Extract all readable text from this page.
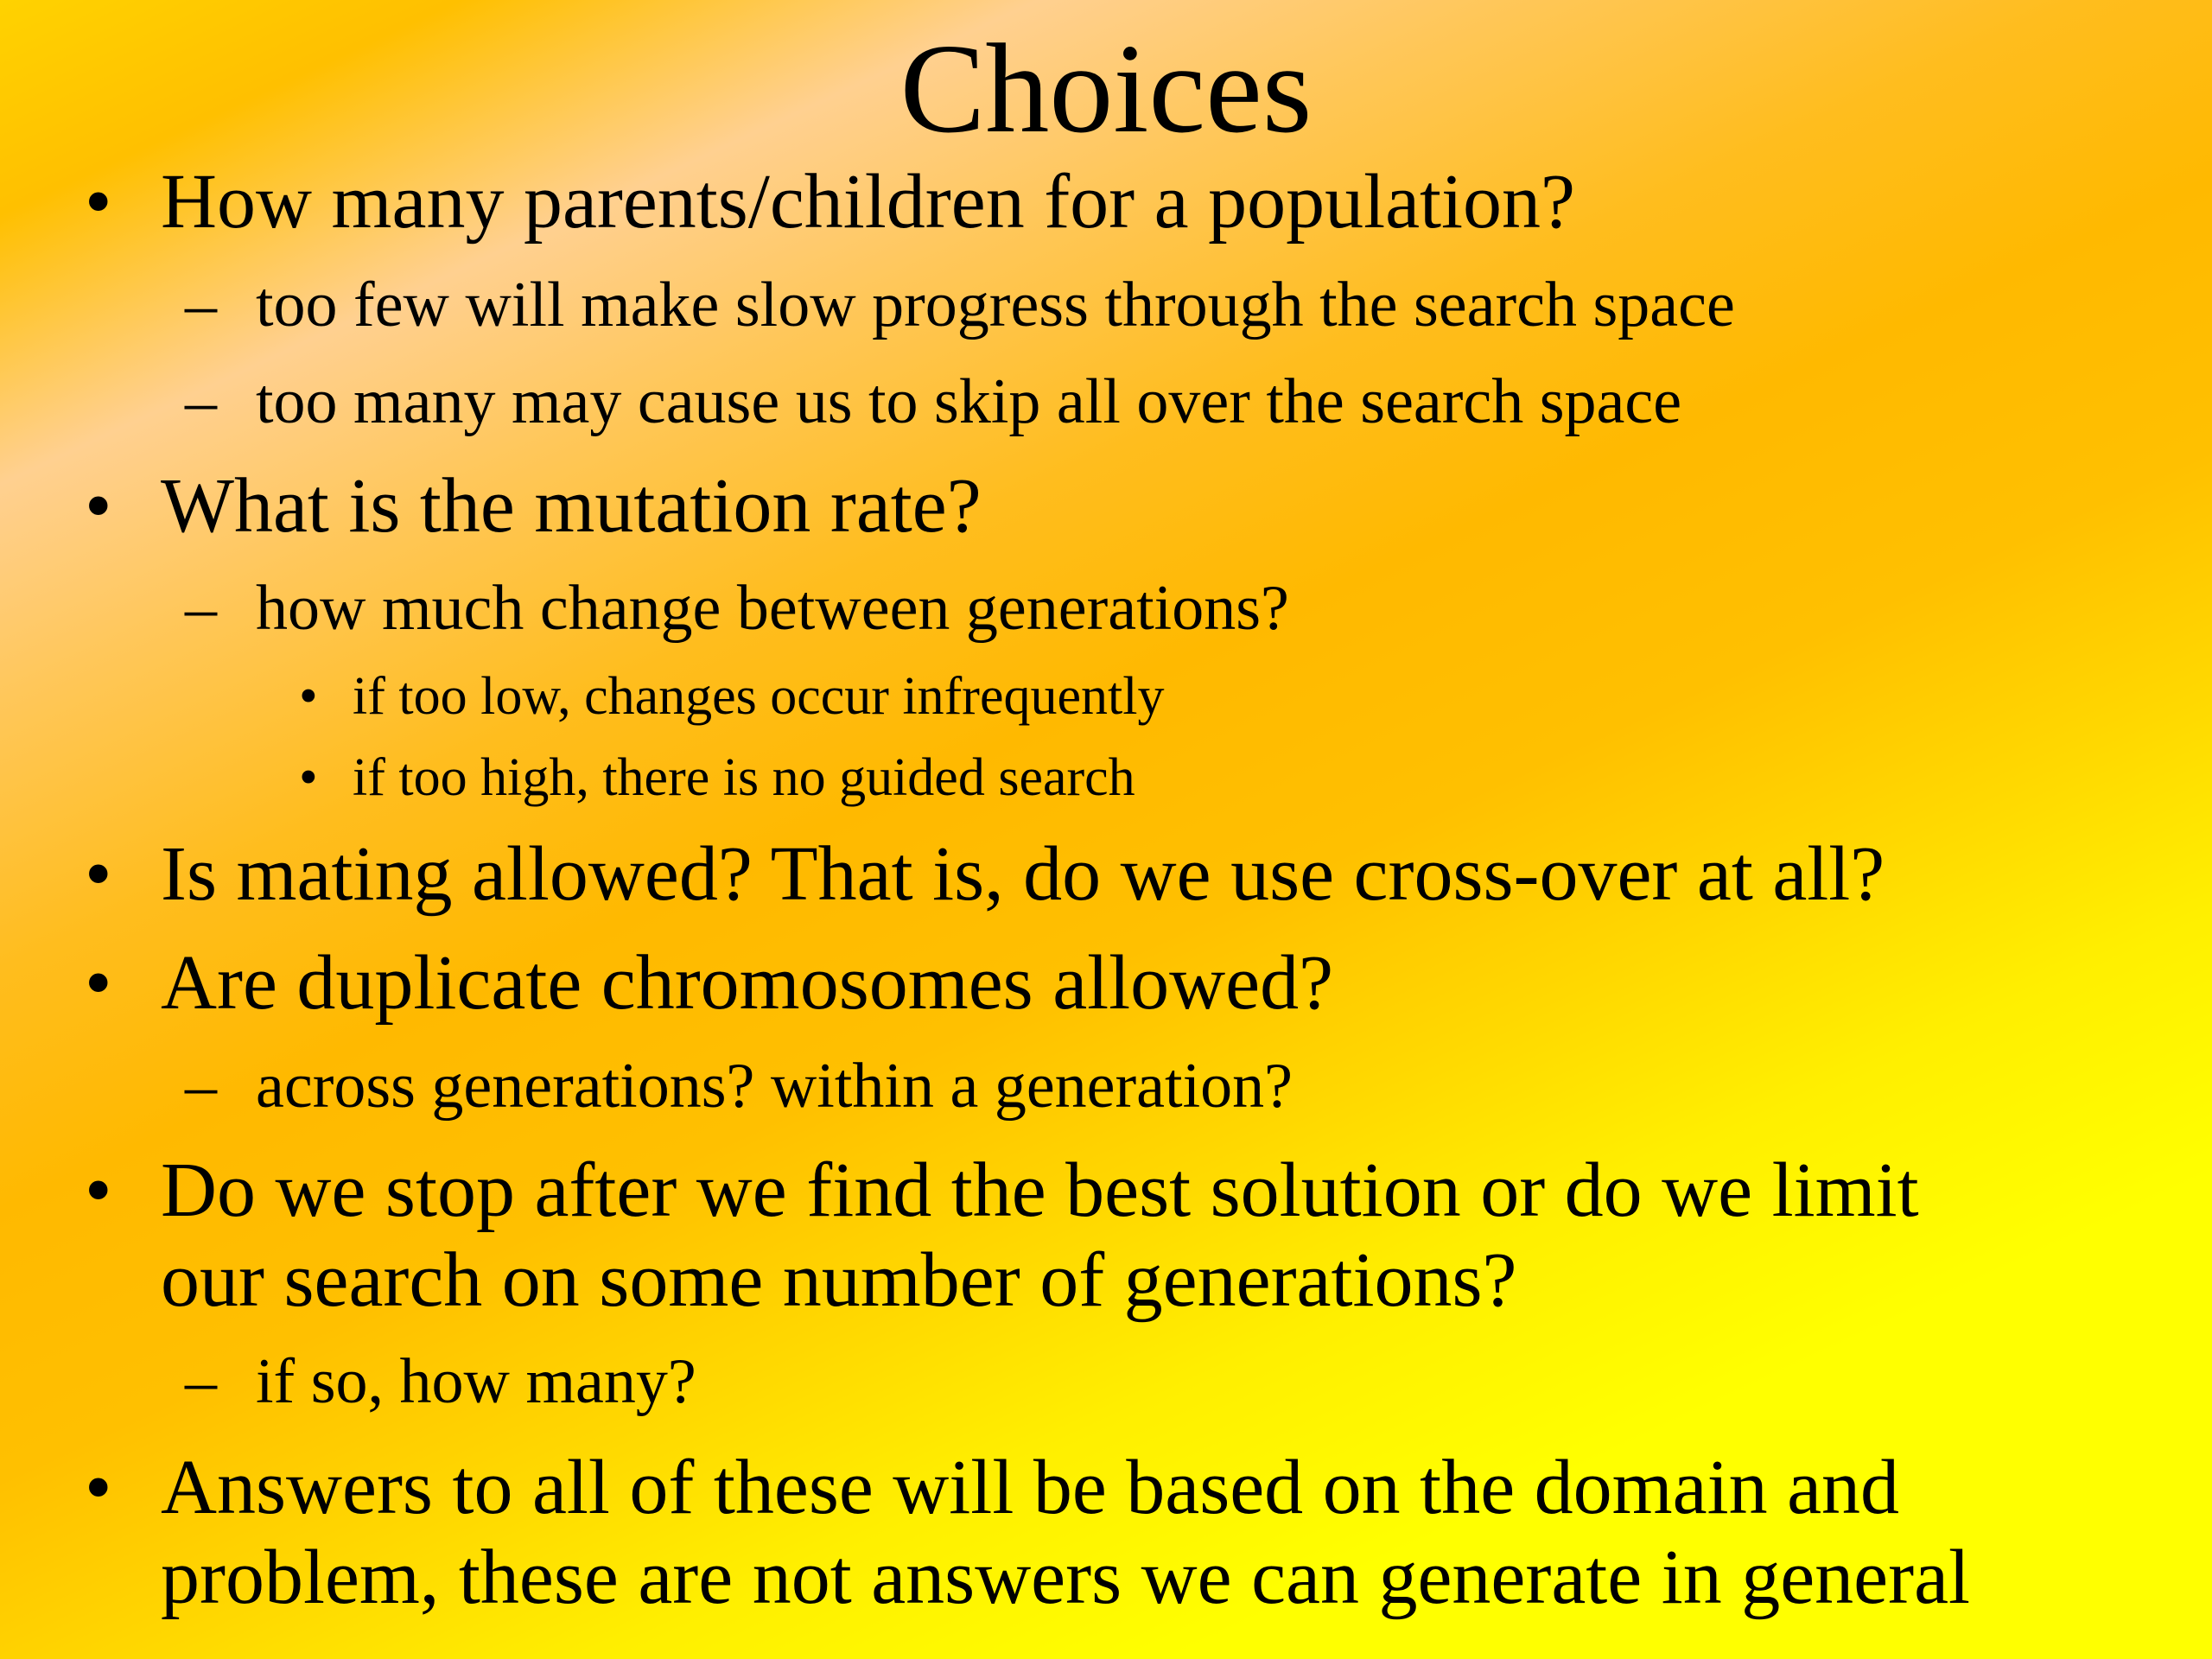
Choices
• How many parents/children for a population?
– too few will make slow progress through the search space
– too many may cause us to skip all over the search space
• What is the mutation rate?
– how much change between generations?
• if too low, changes occur infrequently
• if too high, there is no guided search
• Is mating allowed? That is, do we use cross-over at all?
• Are duplicate chromosomes allowed?
– across generations? within a generation?
• Do we stop after we find the best solution or do we limit
our search on some number of generations?
– if so, how many?
• Answers to all of these will be based on the domain and
problem, these are not answers we can generate in general
